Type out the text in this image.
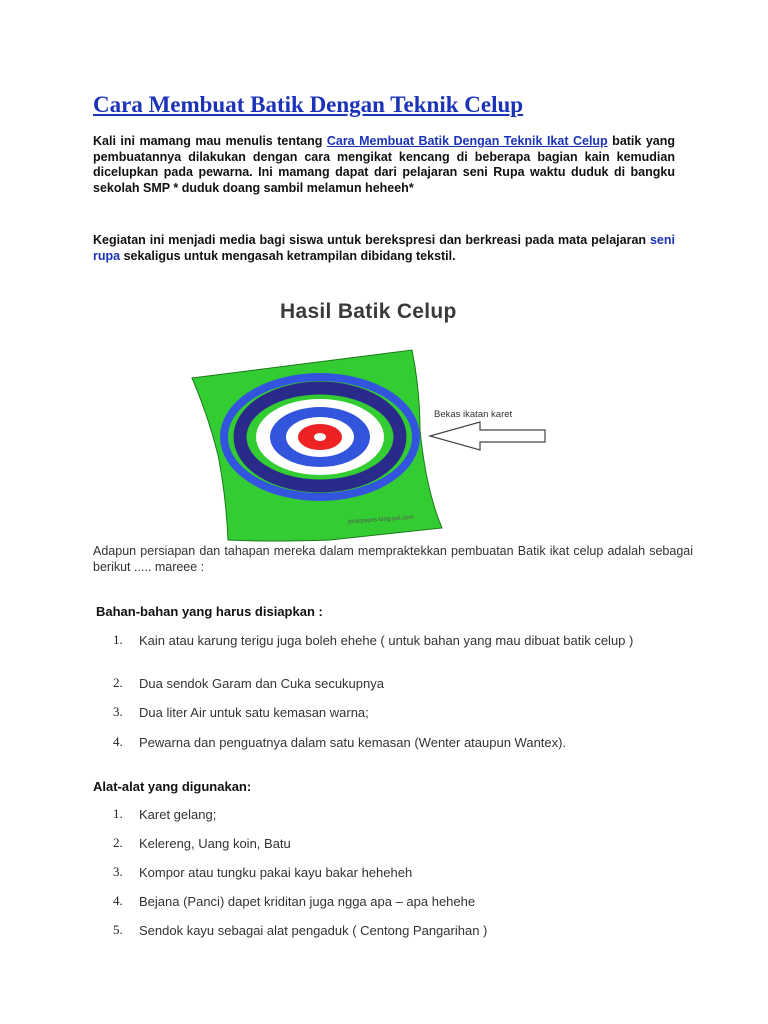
Cara Membuat Batik Dengan Teknik Celup

Kali ini mamang mau menulis tentang Cara Membuat Batik Dengan Teknik Ikat Celup batik yang pembuatannya dilakukan dengan cara mengikat kencang di beberapa bagian kain kemudian dicelupkan pada pewarna. Ini mamang dapat dari pelajaran seni Rupa waktu duduk di bangku sekolah SMP * duduk doang sambil melamun heheeh*

Kegiatan ini menjadi media bagi siswa untuk berekspresi dan berkreasi pada mata pelajaran seni rupa sekaligus untuk mengasah ketrampilan dibidang tekstil.

Hasil Batik Celup
Bekas ikatan karet
pirasyapns-blog-pot.com

Adapun persiapan dan tahapan mereka dalam mempraktekkan pembuatan Batik ikat celup adalah sebagai berikut ..... mareee :

Bahan-bahan yang harus disiapkan :
1. Kain atau karung terigu juga boleh ehehe ( untuk bahan yang mau dibuat batik celup )
2. Dua sendok Garam dan Cuka secukupnya
3. Dua liter Air untuk satu kemasan warna;
4. Pewarna dan penguatnya dalam satu kemasan (Wenter ataupun Wantex).
Alat-alat yang digunakan:
1. Karet gelang;
2. Kelereng, Uang koin, Batu
3. Kompor atau tungku pakai kayu bakar heheheh
4. Bejana (Panci) dapet kriditan juga ngga apa – apa hehehe
5. Sendok kayu sebagai alat pengaduk ( Centong Pangarihan )
